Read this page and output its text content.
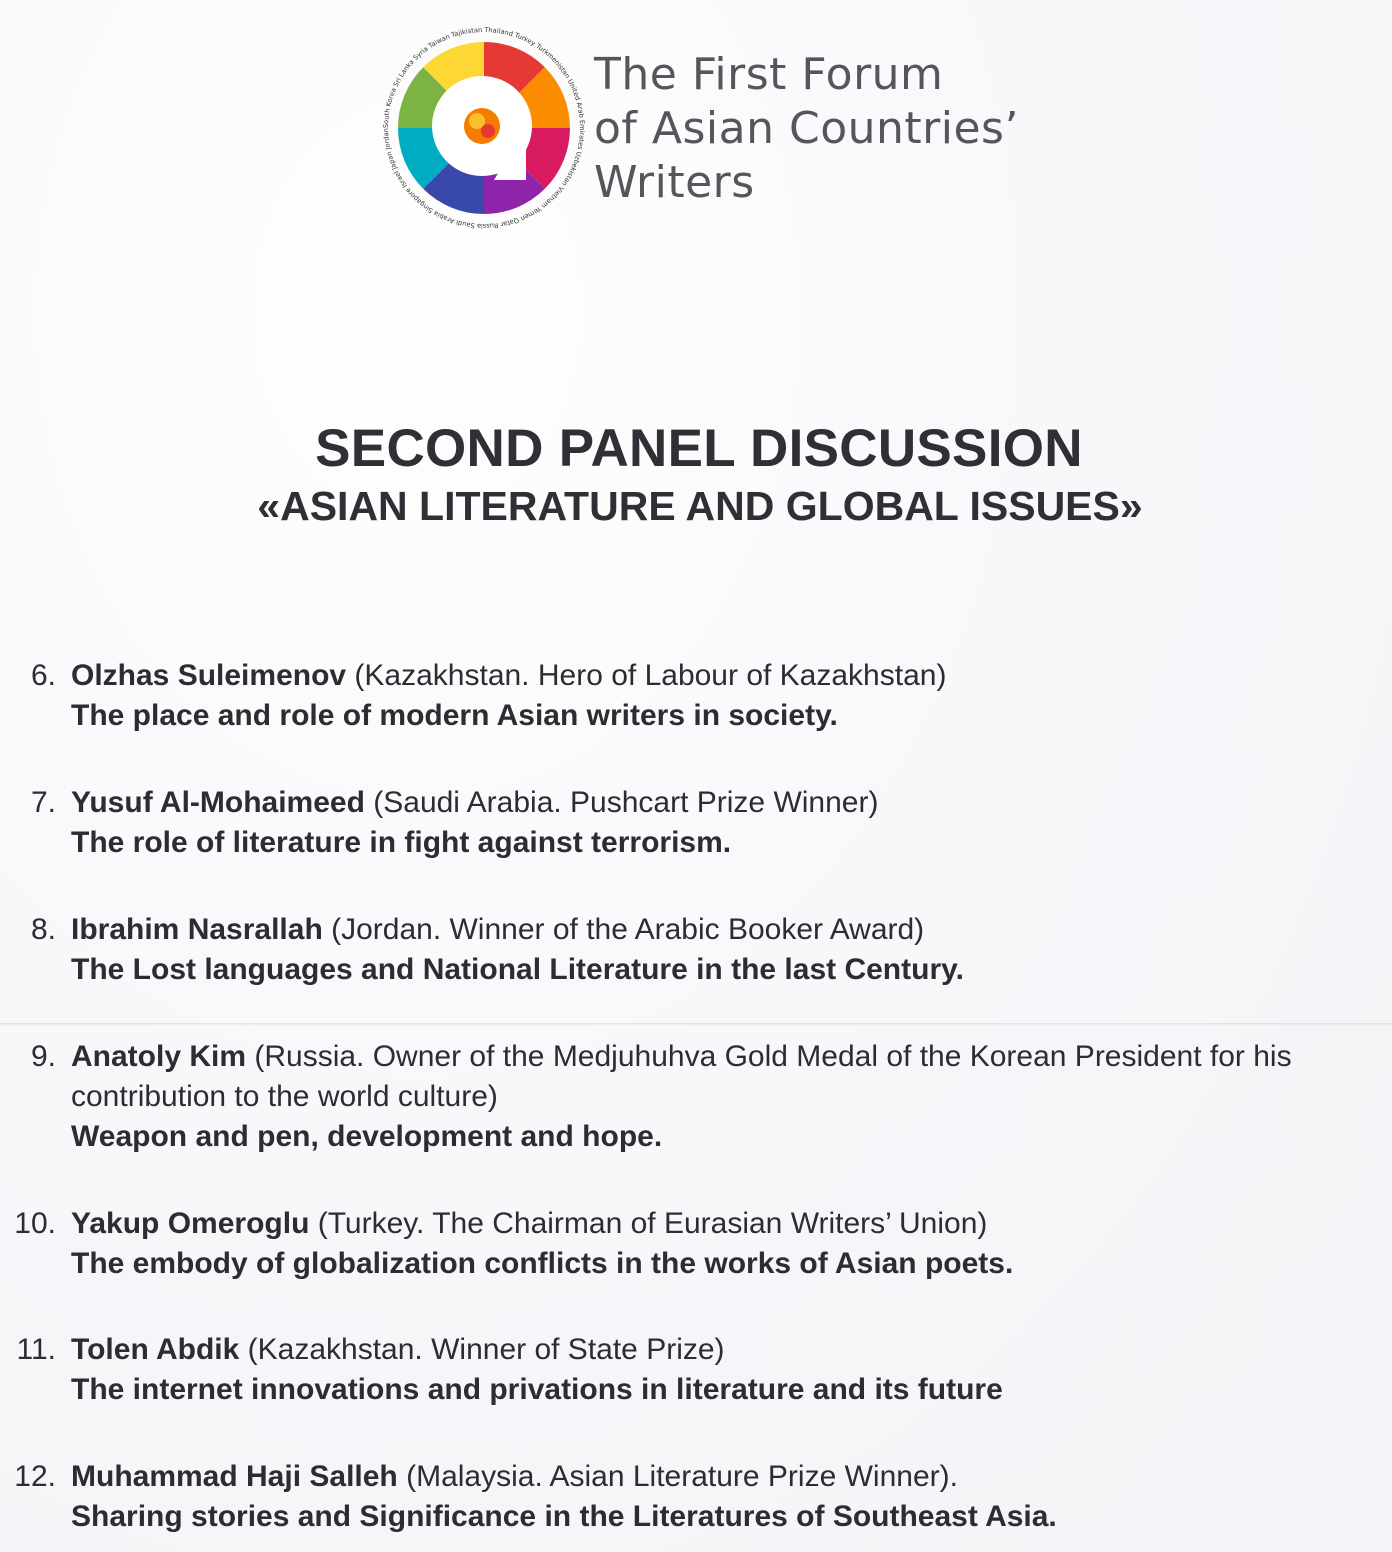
South Korea Sri Lanka Syria Taiwan Tajikistan Thailand Turkey Turkmenistan United Arab Emirates Uzbekistan Vietnam Yemen Qatar Russia Saudi Arabia Singapore Israel Japan Jordan
The First Forum
of Asian Countries’
Writers
SECOND PANEL DISCUSSION
«ASIAN LITERATURE AND GLOBAL ISSUES»
6. Olzhas Suleimenov (Kazakhstan. Hero of Labour of Kazakhstan)
The place and role of modern Asian writers in society.
7. Yusuf Al-Mohaimeed (Saudi Arabia. Pushcart Prize Winner)
The role of literature in fight against terrorism.
8. Ibrahim Nasrallah (Jordan. Winner of the Arabic Booker Award)
The Lost languages and National Literature in the last Century.
9. Anatoly Kim (Russia. Owner of the Medjuhuhva Gold Medal of the Korean President for his contribution to the world culture)
Weapon and pen, development and hope.
10. Yakup Omeroglu (Turkey. The Chairman of Eurasian Writers’ Union)
The embody of globalization conflicts in the works of Asian poets.
11. Tolen Abdik (Kazakhstan. Winner of State Prize)
The internet innovations and privations in literature and its future
12. Muhammad Haji Salleh (Malaysia. Asian Literature Prize Winner).
Sharing stories and Significance in the Literatures of Southeast Asia.
